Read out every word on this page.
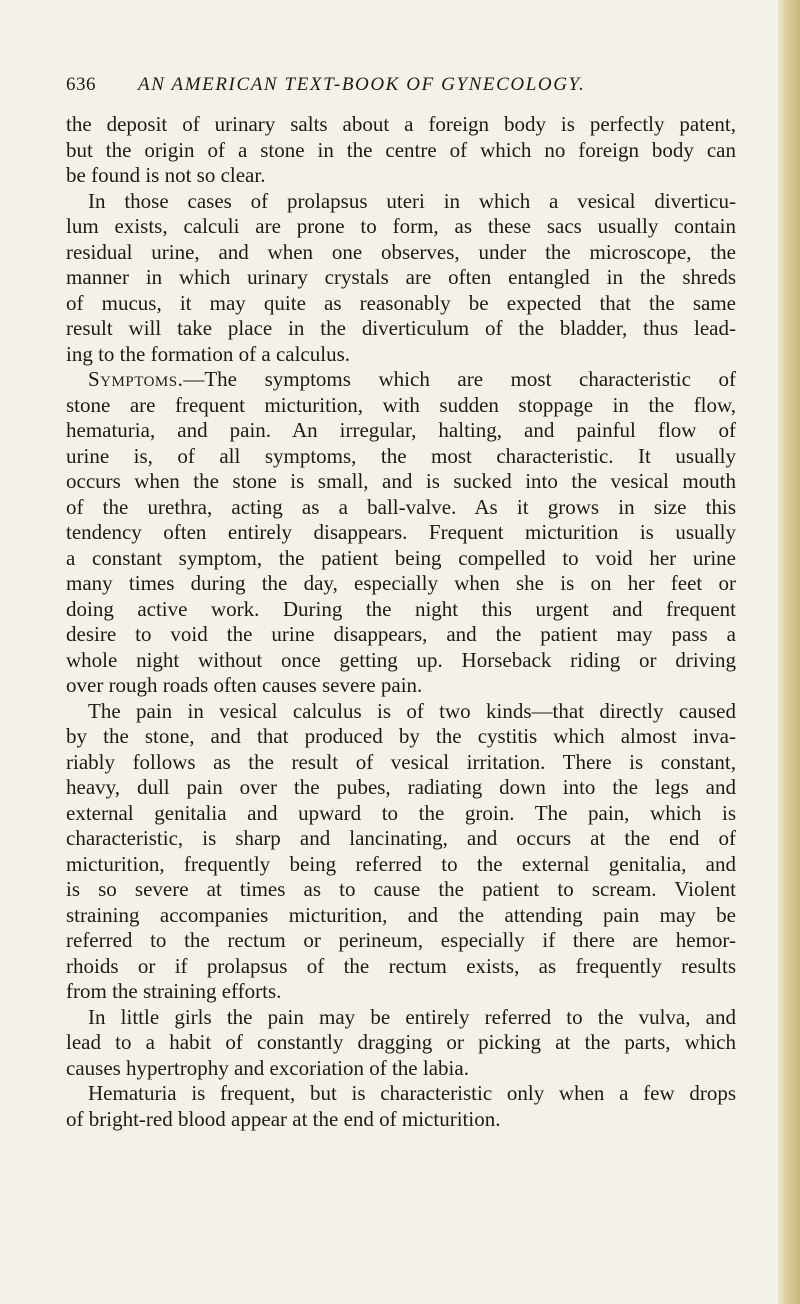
636 AN AMERICAN TEXT-BOOK OF GYNECOLOGY.
the deposit of urinary salts about a foreign body is perfectly patent,
but the origin of a stone in the centre of which no foreign body can
be found is not so clear.
In those cases of prolapsus uteri in which a vesical diverticu-
lum exists, calculi are prone to form, as these sacs usually contain
residual urine, and when one observes, under the microscope, the
manner in which urinary crystals are often entangled in the shreds
of mucus, it may quite as reasonably be expected that the same
result will take place in the diverticulum of the bladder, thus lead-
ing to the formation of a calculus.
Symptoms.—The symptoms which are most characteristic of
stone are frequent micturition, with sudden stoppage in the flow,
hematuria, and pain. An irregular, halting, and painful flow of
urine is, of all symptoms, the most characteristic. It usually
occurs when the stone is small, and is sucked into the vesical mouth
of the urethra, acting as a ball-valve. As it grows in size this
tendency often entirely disappears. Frequent micturition is usually
a constant symptom, the patient being compelled to void her urine
many times during the day, especially when she is on her feet or
doing active work. During the night this urgent and frequent
desire to void the urine disappears, and the patient may pass a
whole night without once getting up. Horseback riding or driving
over rough roads often causes severe pain.
The pain in vesical calculus is of two kinds—that directly caused
by the stone, and that produced by the cystitis which almost inva-
riably follows as the result of vesical irritation. There is constant,
heavy, dull pain over the pubes, radiating down into the legs and
external genitalia and upward to the groin. The pain, which is
characteristic, is sharp and lancinating, and occurs at the end of
micturition, frequently being referred to the external genitalia, and
is so severe at times as to cause the patient to scream. Violent
straining accompanies micturition, and the attending pain may be
referred to the rectum or perineum, especially if there are hemor-
rhoids or if prolapsus of the rectum exists, as frequently results
from the straining efforts.
In little girls the pain may be entirely referred to the vulva, and
lead to a habit of constantly dragging or picking at the parts, which
causes hypertrophy and excoriation of the labia.
Hematuria is frequent, but is characteristic only when a few drops
of bright-red blood appear at the end of micturition.
